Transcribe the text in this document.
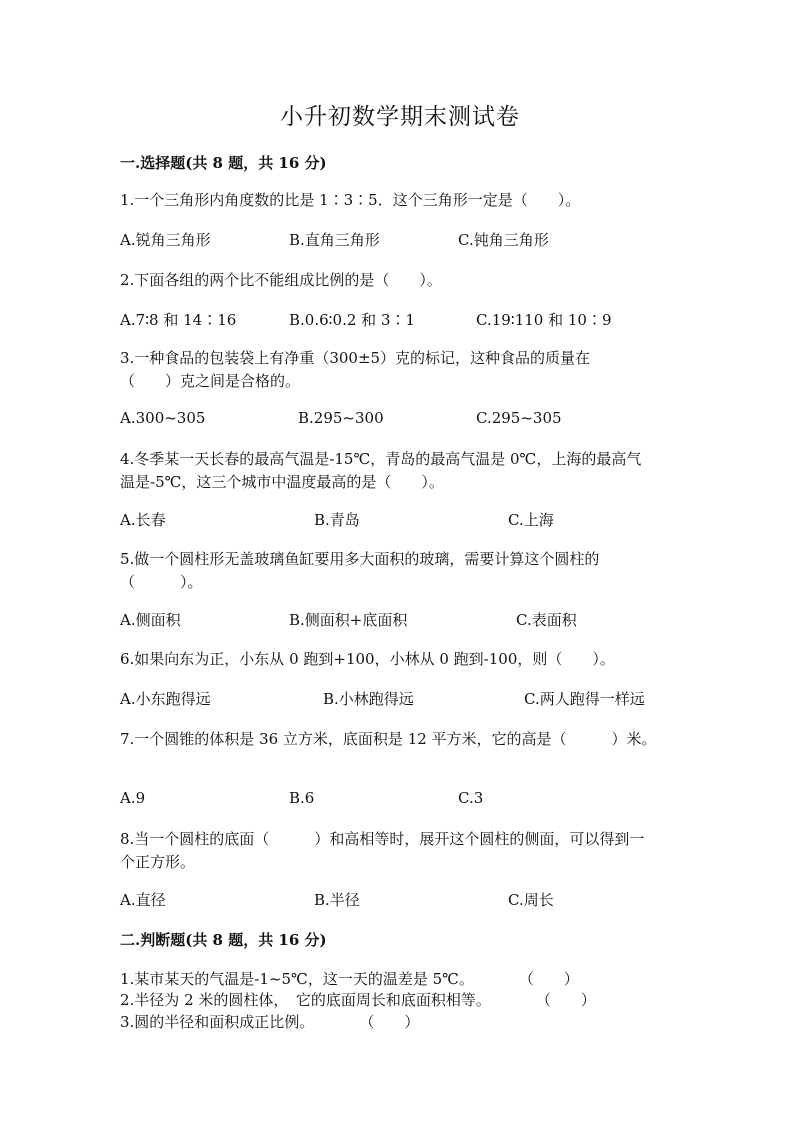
小升初数学期末测试卷
一.选择题(共 8 题，共 16 分)
1.一个三角形内角度数的比是 1∶3∶5．这个三角形一定是（　　）。
A.锐角三角形	B.直角三角形	C.钝角三角形
2.下面各组的两个比不能组成比例的是（　　）。
A.7∶8 和 14∶16	B.0.6∶0.2 和 3∶1	C.19∶110 和 10∶9
3.一种食品的包装袋上有净重（300±5）克的标记，这种食品的质量在
（　　）克之间是合格的。
A.300~305	B.295~300	C.295~305
4.冬季某一天长春的最高气温是-15℃，青岛的最高气温是 0℃，上海的最高气
温是-5℃，这三个城市中温度最高的是（　　）。
A.长春	B.青岛	C.上海
5.做一个圆柱形无盖玻璃鱼缸要用多大面积的玻璃，需要计算这个圆柱的
（　　　）。
A.侧面积	B.侧面积+底面积	C.表面积
6.如果向东为正，小东从 0 跑到+100，小林从 0 跑到-100，则（　　）。
A.小东跑得远	B.小林跑得远	C.两人跑得一样远
7.一个圆锥的体积是 36 立方米，底面积是 12 平方米，它的高是（　　　）米。
A.9	B.6	C.3
8.当一个圆柱的底面（　　　）和高相等时，展开这个圆柱的侧面，可以得到一
个正方形。
A.直径	B.半径	C.周长
二.判断题(共 8 题，共 16 分)
1.某市某天的气温是-1~5℃，这一天的温差是 5℃。　　　　（　　）
2.半径为 2 米的圆柱体，　它的底面周长和底面积相等。　　　　（　　）
3.圆的半径和面积成正比例。　　　　（　　）
